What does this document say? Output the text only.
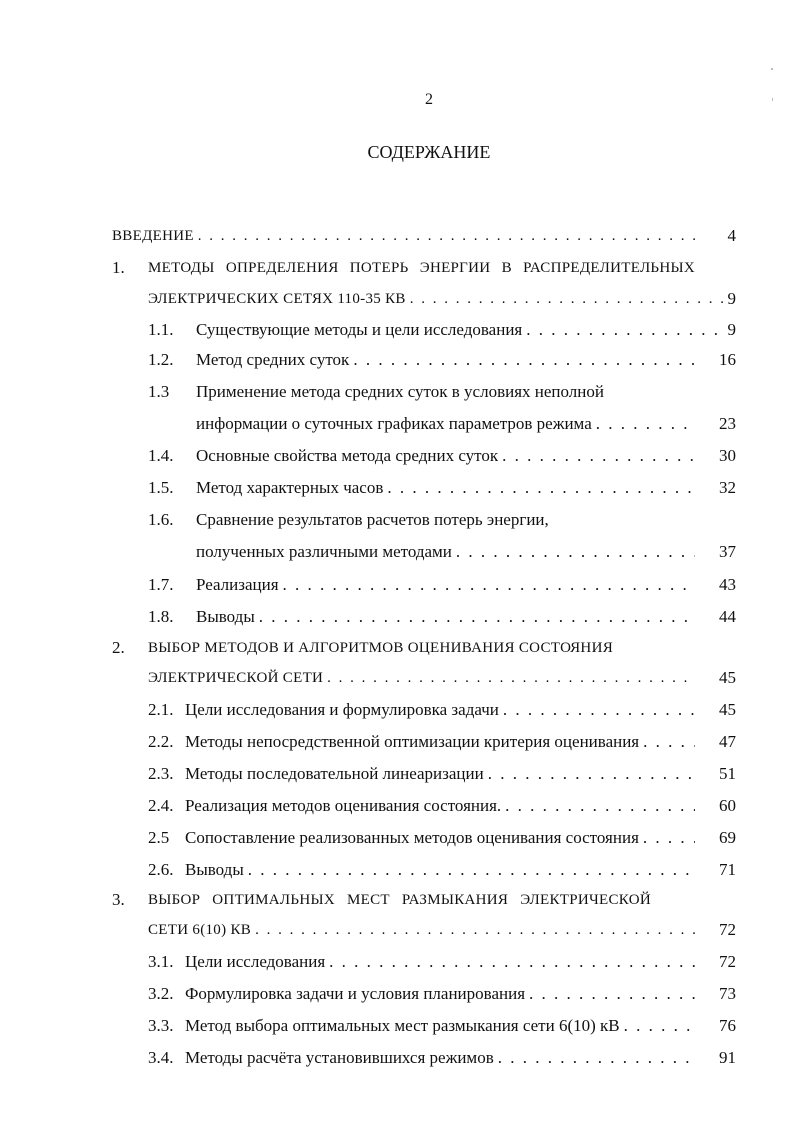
2
СОДЕРЖАНИЕ
ВВЕДЕНИЕ . . .	4
1. МЕТОДЫ ОПРЕДЕЛЕНИЯ ПОТЕРЬ ЭНЕРГИИ В РАСПРЕДЕЛИТЕЛЬНЫХ
ЭЛЕКТРИЧЕСКИХ СЕТЯХ 110-35 КВ . . .	9
1.1. Существующие методы и цели исследования . . .	9
1.2. Метод средних суток . . .	16
1.3 Применение метода средних суток в условиях неполной
информации о суточных графиках параметров режима . . .	23
1.4. Основные свойства метода средних суток . . .	30
1.5. Метод характерных часов . . .	32
1.6. Сравнение результатов расчетов потерь энергии,
полученных различными методами . . .	37
1.7. Реализация . . .	43
1.8. Выводы . . .	44
2. ВЫБОР МЕТОДОВ И АЛГОРИТМОВ ОЦЕНИВАНИЯ СОСТОЯНИЯ
ЭЛЕКТРИЧЕСКОЙ СЕТИ . . .	45
2.1. Цели исследования и формулировка задачи . . .	45
2.2. Методы непосредственной оптимизации критерия оценивания . . .	47
2.3. Методы последовательной линеаризации . . .	51
2.4. Реализация методов оценивания состояния. . . .	60
2.5 Сопоставление реализованных методов оценивания состояния . . .	69
2.6. Выводы . . .	71
3. ВЫБОР ОПТИМАЛЬНЫХ МЕСТ РАЗМЫКАНИЯ ЭЛЕКТРИЧЕСКОЙ
СЕТИ 6(10) КВ . . .	72
3.1. Цели исследования . . .	72
3.2. Формулировка задачи и условия планирования . . .	73
3.3. Метод выбора оптимальных мест размыкания сети 6(10) кВ . . .	76
3.4. Методы расчёта установившихся режимов . . .	91
